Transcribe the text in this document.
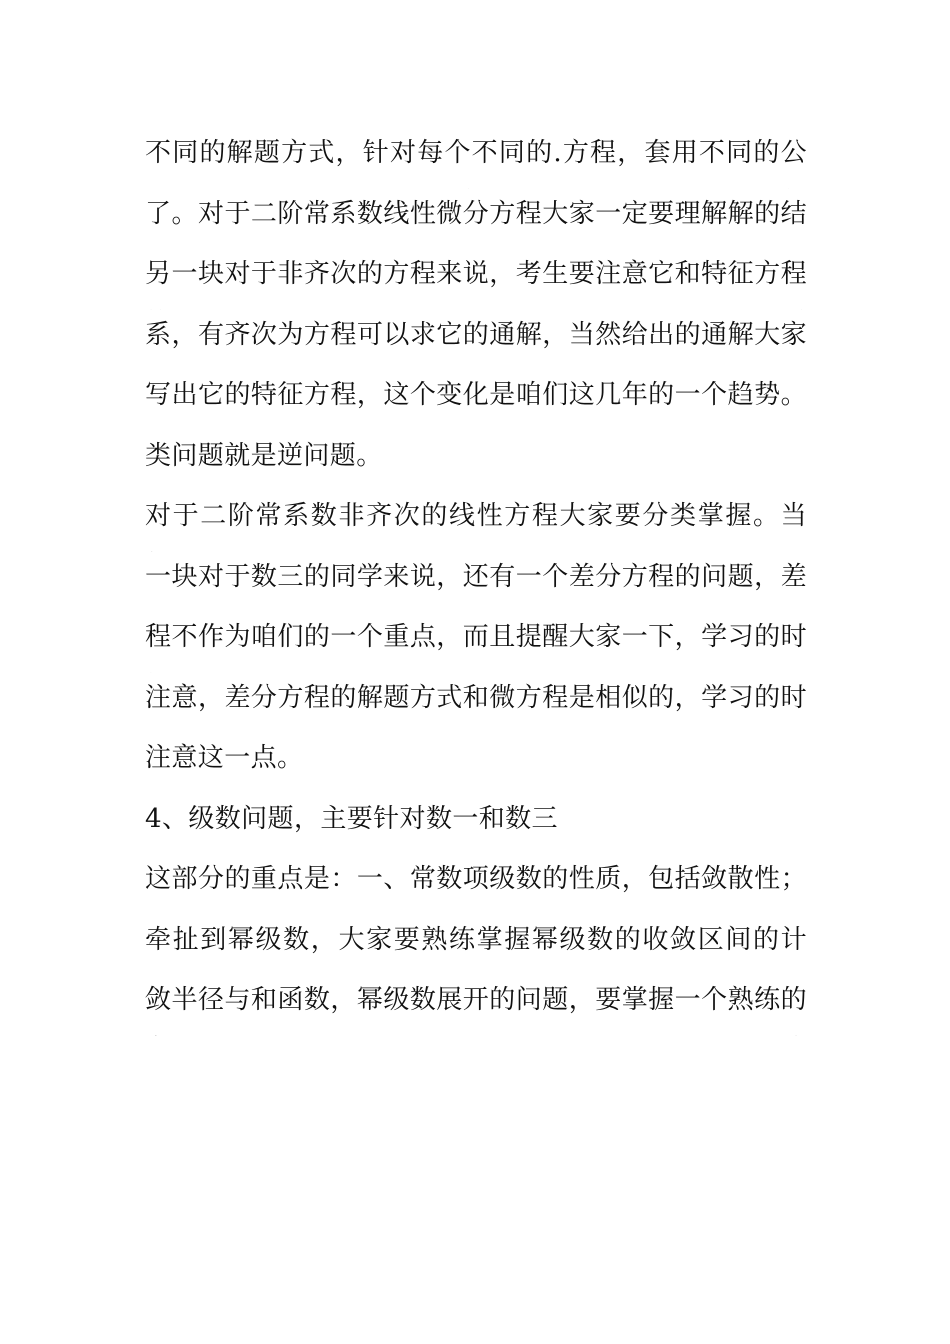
不同的解题方式，针对每个不同的.方程，套用不同的公
了。对于二阶常系数线性微分方程大家一定要理解解的结
另一块对于非齐次的方程来说，考生要注意它和特征方程
系，有齐次为方程可以求它的通解，当然给出的通解大家
写出它的特征方程，这个变化是咱们这几年的一个趋势。
类问题就是逆问题。
对于二阶常系数非齐次的线性方程大家要分类掌握。当
一块对于数三的同学来说，还有一个差分方程的问题，差
程不作为咱们的一个重点，而且提醒大家一下，学习的时
注意，差分方程的解题方式和微方程是相似的，学习的时
注意这一点。
4、级数问题，主要针对数一和数三
这部分的重点是：一、常数项级数的性质，包括敛散性；
牵扯到幂级数，大家要熟练掌握幂级数的收敛区间的计
敛半径与和函数，幂级数展开的问题，要掌握一个熟练的
